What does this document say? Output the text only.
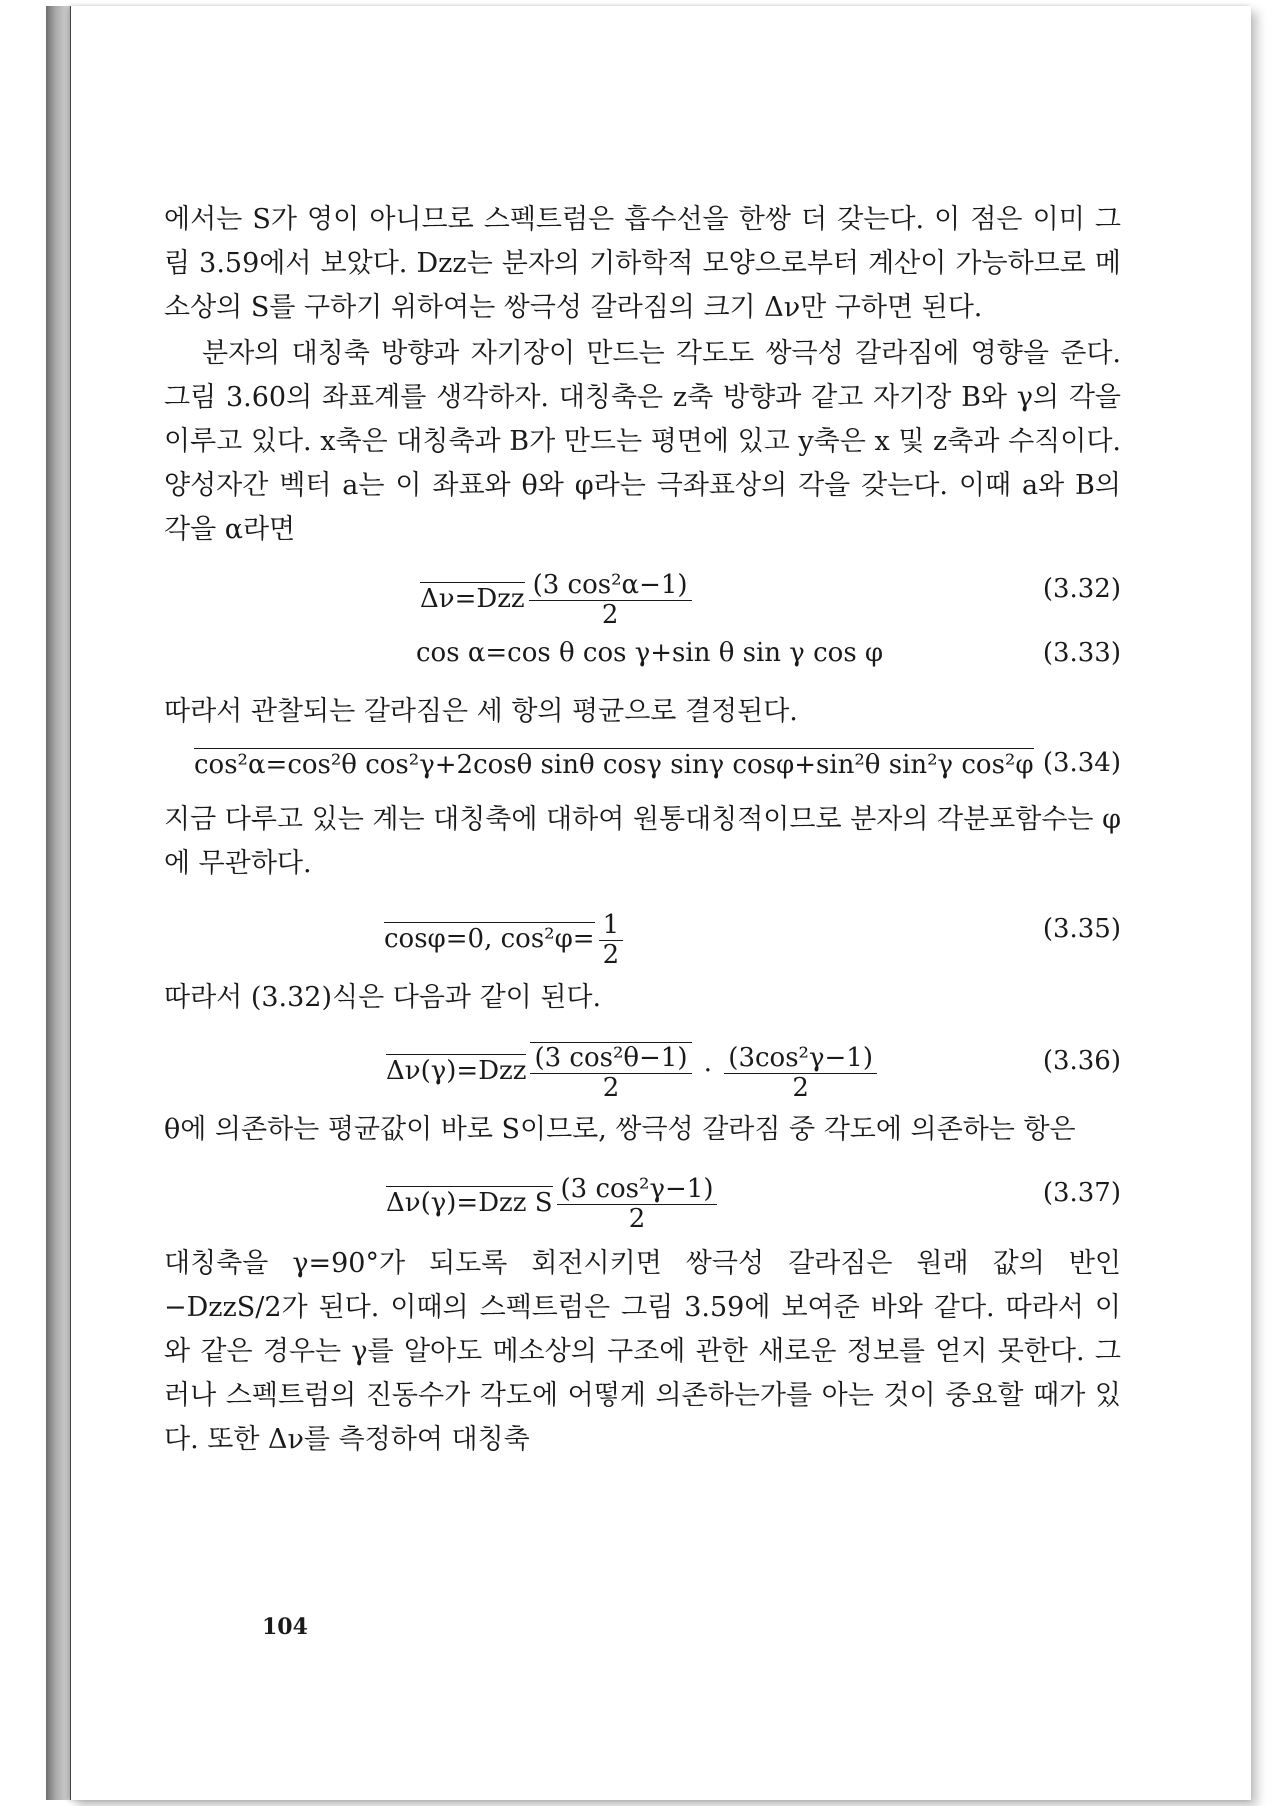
에서는 S가 영이 아니므로 스펙트럼은 흡수선을 한쌍 더 갖는다. 이 점은 이미 그림 3.59에서 보았다. Dzz는 분자의 기하학적 모양으로부터 계산이 가능하므로 메소상의 S를 구하기 위하여는 쌍극성 갈라짐의 크기 Δν만 구하면 된다.

분자의 대칭축 방향과 자기장이 만드는 각도도 쌍극성 갈라짐에 영향을 준다. 그림 3.60의 좌표계를 생각하자. 대칭축은 z축 방향과 같고 자기장 B와 γ의 각을 이루고 있다. x축은 대칭축과 B가 만드는 평면에 있고 y축은 x 및 z축과 수직이다. 양성자간 벡터 a는 이 좌표와 θ와 φ라는 극좌표상의 각을 갖는다. 이때 a와 B의 각을 α라면

$\Delta\nu=Dzz \frac{\text{(3 cos²α−1)}}{2}$	(3.32)
cos α=cos θ cos γ+sin θ sin γ cos φ	(3.33)

따라서 관찰되는 갈라짐은 세 항의 평균으로 결정된다.

cos²α=cos²θ cos²γ+2cosθ sinθ cosγ sinγ cosφ+sin²θ sin²γ cos²φ (3.34)

지금 다루고 있는 계는 대칭축에 대하여 원통대칭적이므로 분자의 각분포함수는 φ에 무관하다.

cosφ=0, $\cos^2\varphi= \frac{1}{2}$	(3.35)

따라서 (3.32)식은 다음과 같이 된다.

$\Delta\nu(\gamma)=Dzz \frac{\text{(3 cos²θ−1)}}{2} \cdot \frac{\text{(3cos²γ−1)}}{2}$	(3.36)

θ에 의존하는 평균값이 바로 S이므로, 쌍극성 갈라짐 중 각도에 의존하는 항은

Δν(γ)=Dzz S $\frac{\text{(3 cos²γ−1)}}{2}$	(3.37)

대칭축을 γ=90°가 되도록 회전시키면 쌍극성 갈라짐은 원래 값의 반인 −DzzS/2가 된다. 이때의 스펙트럼은 그림 3.59에 보여준 바와 같다. 따라서 이와 같은 경우는 γ를 알아도 메소상의 구조에 관한 새로운 정보를 얻지 못한다. 그러나 스펙트럼의 진동수가 각도에 어떻게 의존하는가를 아는 것이 중요할 때가 있다. 또한 Δν를 측정하여 대칭축

104
